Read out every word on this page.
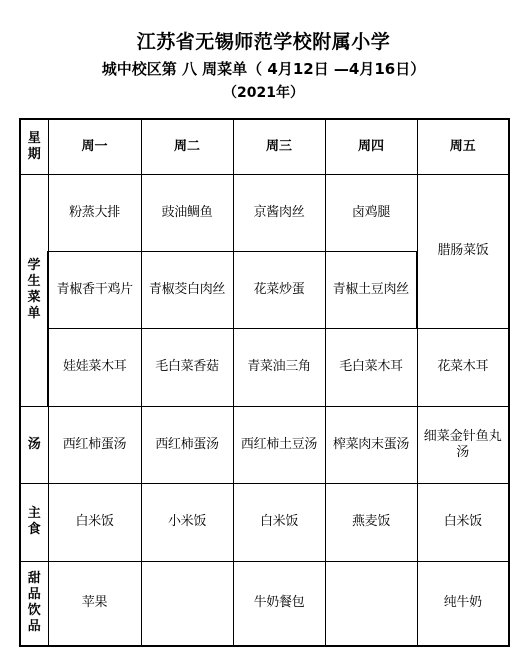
江苏省无锡师范学校附属小学
城中校区第 八 周菜单（ 4月12日 —4月16日）
（2021年）
星
期	周一	周二	周三	周四	周五

学
生
菜
单	粉蒸大排	豉油鲷鱼	京酱肉丝	卤鸡腿	腊肠菜饭
	青椒香干鸡片	青椒茭白肉丝	花菜炒蛋	青椒土豆肉丝	
	娃娃菜木耳	毛白菜香菇	青菜油三角	毛白菜木耳	花菜木耳

汤	西红柿蛋汤	西红柿蛋汤	西红柿土豆汤	榨菜肉末蛋汤	细菜金针鱼丸汤

主
食	白米饭	小米饭	白米饭	燕麦饭	白米饭

甜
品
饮
品	苹果		牛奶餐包		纯牛奶
